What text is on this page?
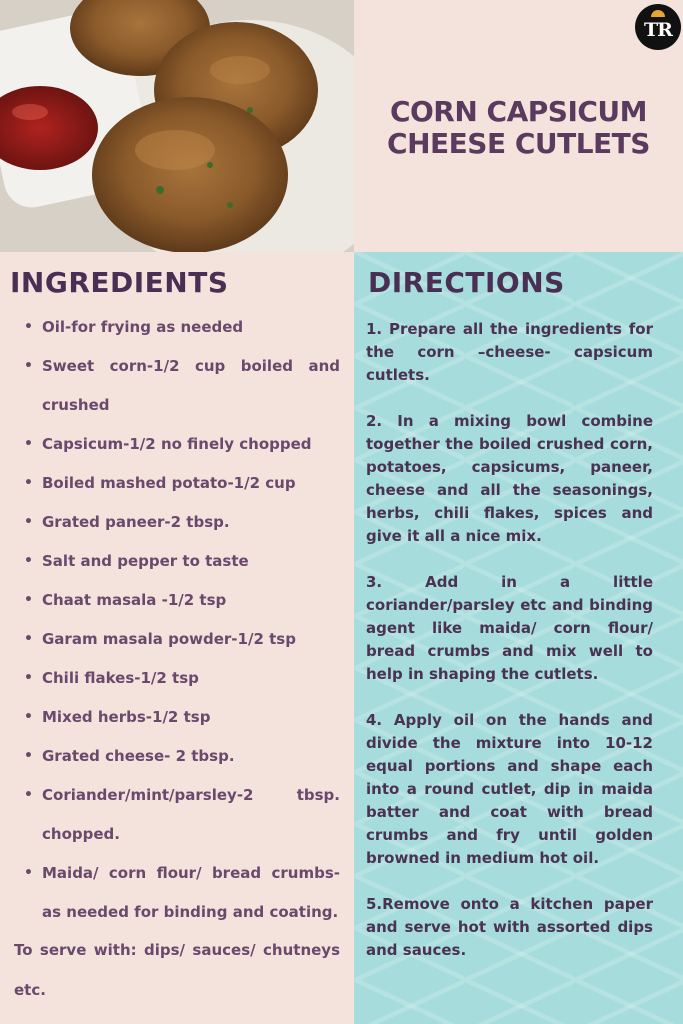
TR
CORN CAPSICUM CHEESE CUTLETS
INGREDIENTS
• Oil-for frying as needed
• Sweet corn-1/2 cup boiled and crushed
• Capsicum-1/2 no finely chopped
• Boiled mashed potato-1/2 cup
• Grated paneer-2 tbsp.
• Salt and pepper to taste
• Chaat masala -1/2 tsp
• Garam masala powder-1/2 tsp
• Chili flakes-1/2 tsp
• Mixed herbs-1/2 tsp
• Grated cheese- 2 tbsp.
• Coriander/mint/parsley-2 tbsp. chopped.
• Maida/ corn flour/ bread crumbs- as needed for binding and coating.

To serve with: dips/ sauces/ chutneys etc.

DIRECTIONS

1. Prepare all the ingredients for the corn –cheese- capsicum cutlets.

2. In a mixing bowl combine together the boiled crushed corn, potatoes, capsicums, paneer, cheese and all the seasonings, herbs, chili flakes, spices and give it all a nice mix.

3. Add in a little coriander/parsley etc and binding agent like maida/ corn flour/ bread crumbs and mix well to help in shaping the cutlets.

4. Apply oil on the hands and divide the mixture into 10-12 equal portions and shape each into a round cutlet, dip in maida batter and coat with bread crumbs and fry until golden browned in medium hot oil.

5.Remove onto a kitchen paper and serve hot with assorted dips and sauces.
